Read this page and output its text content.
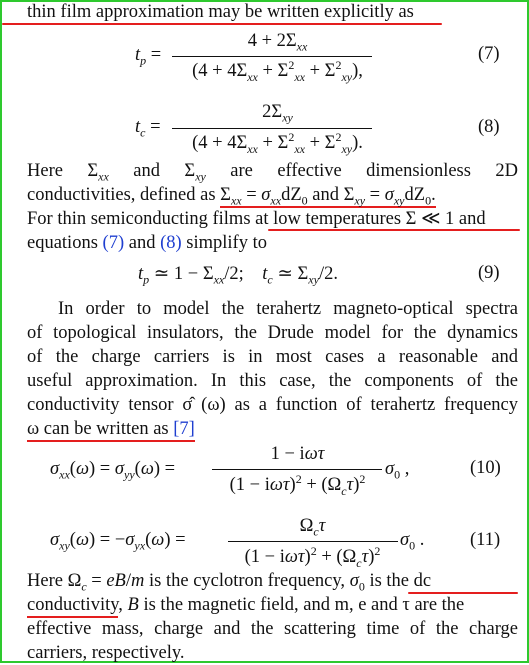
thin film approximation may be written explicitly as
$t_p$ =
$4 + 2\Sigma_{xx}$
$(4 + 4\Sigma_{xx} + \Sigma^2_{xx} + \Sigma^2_{xy})$,
(7)
$t_c$ =
$2\Sigma_{xy}$
$(4 + 4\Sigma_{xx} + \Sigma^2_{xx} + \Sigma^2_{xy})$.
(8)
Here $\Sigma_{xx}$ and $\Sigma_{xy}$ are effective dimensionless 2D
conductivities, defined as $\Sigma_{xx} = \sigma_{xx}dZ_0$ and $\Sigma_{xy} = \sigma_{xy}dZ_0$.
For thin semiconducting films at low temperatures Σ ≪ 1 and
equations (7) and (8) simplify to
$t_p$ ≃ $1 - \Sigma_{xx}/2$;    $t_c$ ≃ $\Sigma_{xy}/2$.	(9)
In order to model the terahertz magneto-optical spectra
of topological insulators, the Drude model for the dynamics
of the charge carriers is in most cases a reasonable and
useful approximation. In this case, the components of the
conductivity tensor σ̂ (ω) as a function of terahertz frequency
ω can be written as [7]
$\sigma_{xx}(\omega) = \sigma_{yy}(\omega)$ =
1 − iωτ
$(1 - i\omega\tau)^2 + (\Omega_c\tau)^2$	$\sigma_0$ ,	(10)
$\sigma_{xy}(\omega) = -\sigma_{yx}(\omega)$ =
$\Omega_c\tau$
$(1 - i\omega\tau)^2 + (\Omega_c\tau)^2$
$\sigma_0$ . (11)
Here $\Omega_c = eB/m$ is the cyclotron frequency, $\sigma_0$ is the dc
conductivity, B is the magnetic field, and m, e and τ are the
effective mass, charge and the scattering time of the charge
carriers, respectively.
